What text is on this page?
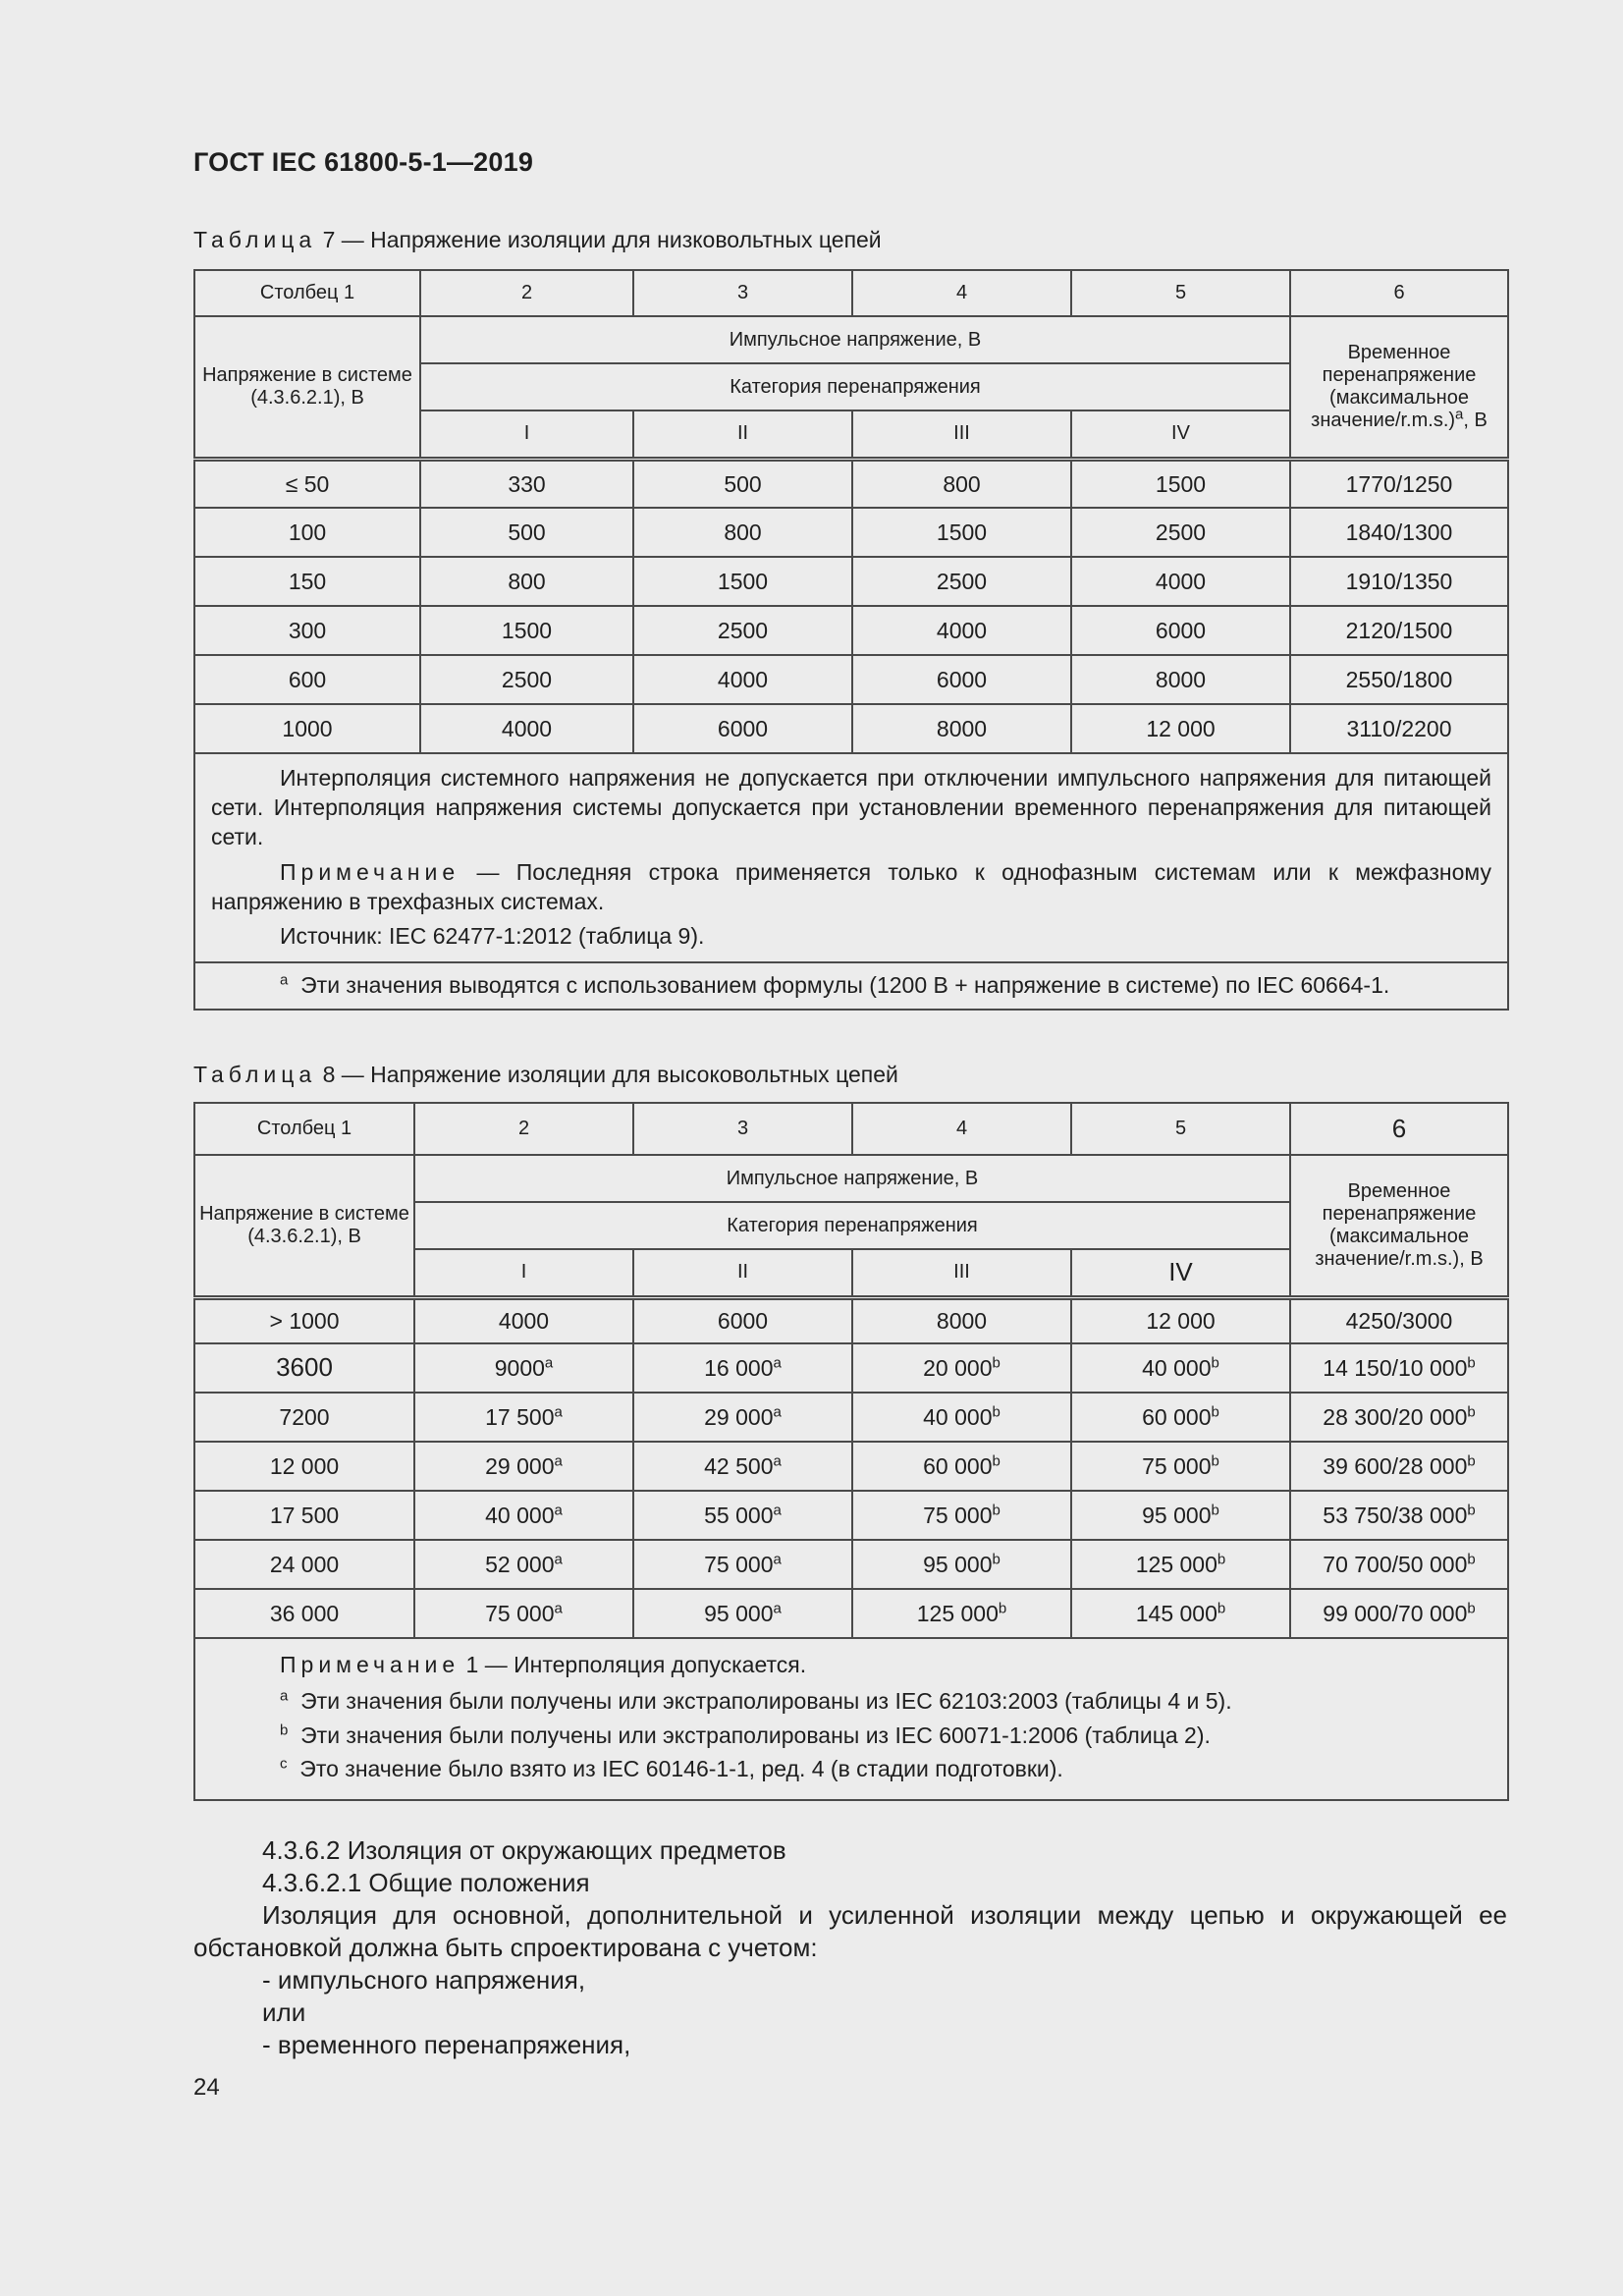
ГОСТ IEC 61800-5-1—2019
Таблица 7 — Напряжение изоляции для низковольтных цепей
Столбец 1	2	3	4	5	6
Напряжение в системе (4.3.6.2.1), В	Импульсное напряжение, В				Временное перенапряжение (максимальное значение/r.m.s.)$^a$, В
	Категория перенапряжения				
	I	II	III	IV	
≤ 50	330	500	800	1500	1770/1250
100	500	800	1500	2500	1840/1300
150	800	1500	2500	4000	1910/1350
300	1500	2500	4000	6000	2120/1500
600	2500	4000	6000	8000	2550/1800
1000	4000	6000	8000	12 000	3110/2200

Интерполяция системного напряжения не допускается при отключении импульсного напряжения для питающей сети. Интерполяция напряжения системы допускается при установлении временного перенапряжения для питающей сети.

Примечание — Последняя строка применяется только к однофазным системам или к межфазному напряжению в трехфазных системах.

Источник: IEC 62477-1:2012 (таблица 9).					

$^a$ Эти значения выводятся с использованием формулы (1200 В + напряжение в системе) по IEC 60664-1.					
Таблица 8 — Напряжение изоляции для высоковольтных цепей
Столбец 1	2	3	4	5	6
Напряжение в системе (4.3.6.2.1), В	Импульсное напряжение, В				Временное перенапряжение (максимальное значение/r.m.s.), В
	Категория перенапряжения				
	I	II	III	IV	
> 1000	4000	6000	8000	12 000	4250/3000
3600	9000$^a$	16 000$^a$	20 000$^b$	40 000$^b$	14 150/10 000$^b$
7200	17 500$^a$	29 000$^a$	40 000$^b$	60 000$^b$	28 300/20 000$^b$
12 000	29 000$^a$	42 500$^a$	60 000$^b$	75 000$^b$	39 600/28 000$^b$
17 500	40 000$^a$	55 000$^a$	75 000$^b$	95 000$^b$	53 750/38 000$^b$
24 000	52 000$^a$	75 000$^a$	95 000$^b$	125 000$^b$	70 700/50 000$^b$
36 000	75 000$^a$	95 000$^a$	125 000$^b$	145 000$^b$	99 000/70 000$^b$

Примечание 1 — Интерполяция допускается.
$^a$ Эти значения были получены или экстраполированы из IEC 62103:2003 (таблицы 4 и 5).
$^b$ Эти значения были получены или экстраполированы из IEC 60071-1:2006 (таблица 2).
$^c$ Это значение было взято из IEC 60146-1-1, ред. 4 (в стадии подготовки).					

4.3.6.2 Изоляция от окружающих предметов

4.3.6.2.1 Общие положения

Изоляция для основной, дополнительной и усиленной изоляции между цепью и окружающей ее обстановкой должна быть спроектирована с учетом:

- импульсного напряжения,

или

- временного перенапряжения,

24
